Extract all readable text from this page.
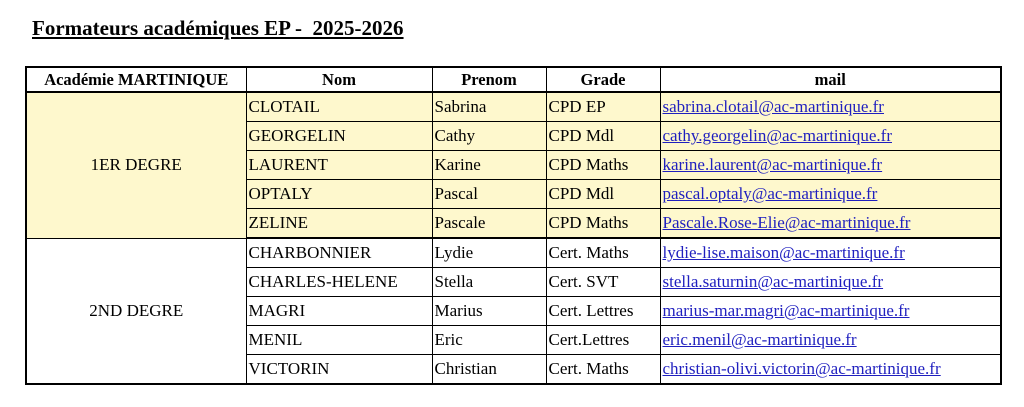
Formateurs académiques EP -  2025-2026
Académie MARTINIQUE	Nom	Prenom	Grade	mail
1ER DEGRE	CLOTAIL	Sabrina	CPD EP	sabrina.clotail@ac-martinique.fr
	GEORGELIN	Cathy	CPD Mdl	cathy.georgelin@ac-martinique.fr
	LAURENT	Karine	CPD Maths	karine.laurent@ac-martinique.fr
	OPTALY	Pascal	CPD Mdl	pascal.optaly@ac-martinique.fr
	ZELINE	Pascale	CPD Maths	Pascale.Rose-Elie@ac-martinique.fr
2ND DEGRE	CHARBONNIER	Lydie	Cert. Maths	lydie-lise.maison@ac-martinique.fr
	CHARLES-HELENE	Stella	Cert. SVT	stella.saturnin@ac-martinique.fr
	MAGRI	Marius	Cert. Lettres	marius-mar.magri@ac-martinique.fr
	MENIL	Eric	Cert.Lettres	eric.menil@ac-martinique.fr
	VICTORIN	Christian	Cert. Maths	christian-olivi.victorin@ac-martinique.fr
